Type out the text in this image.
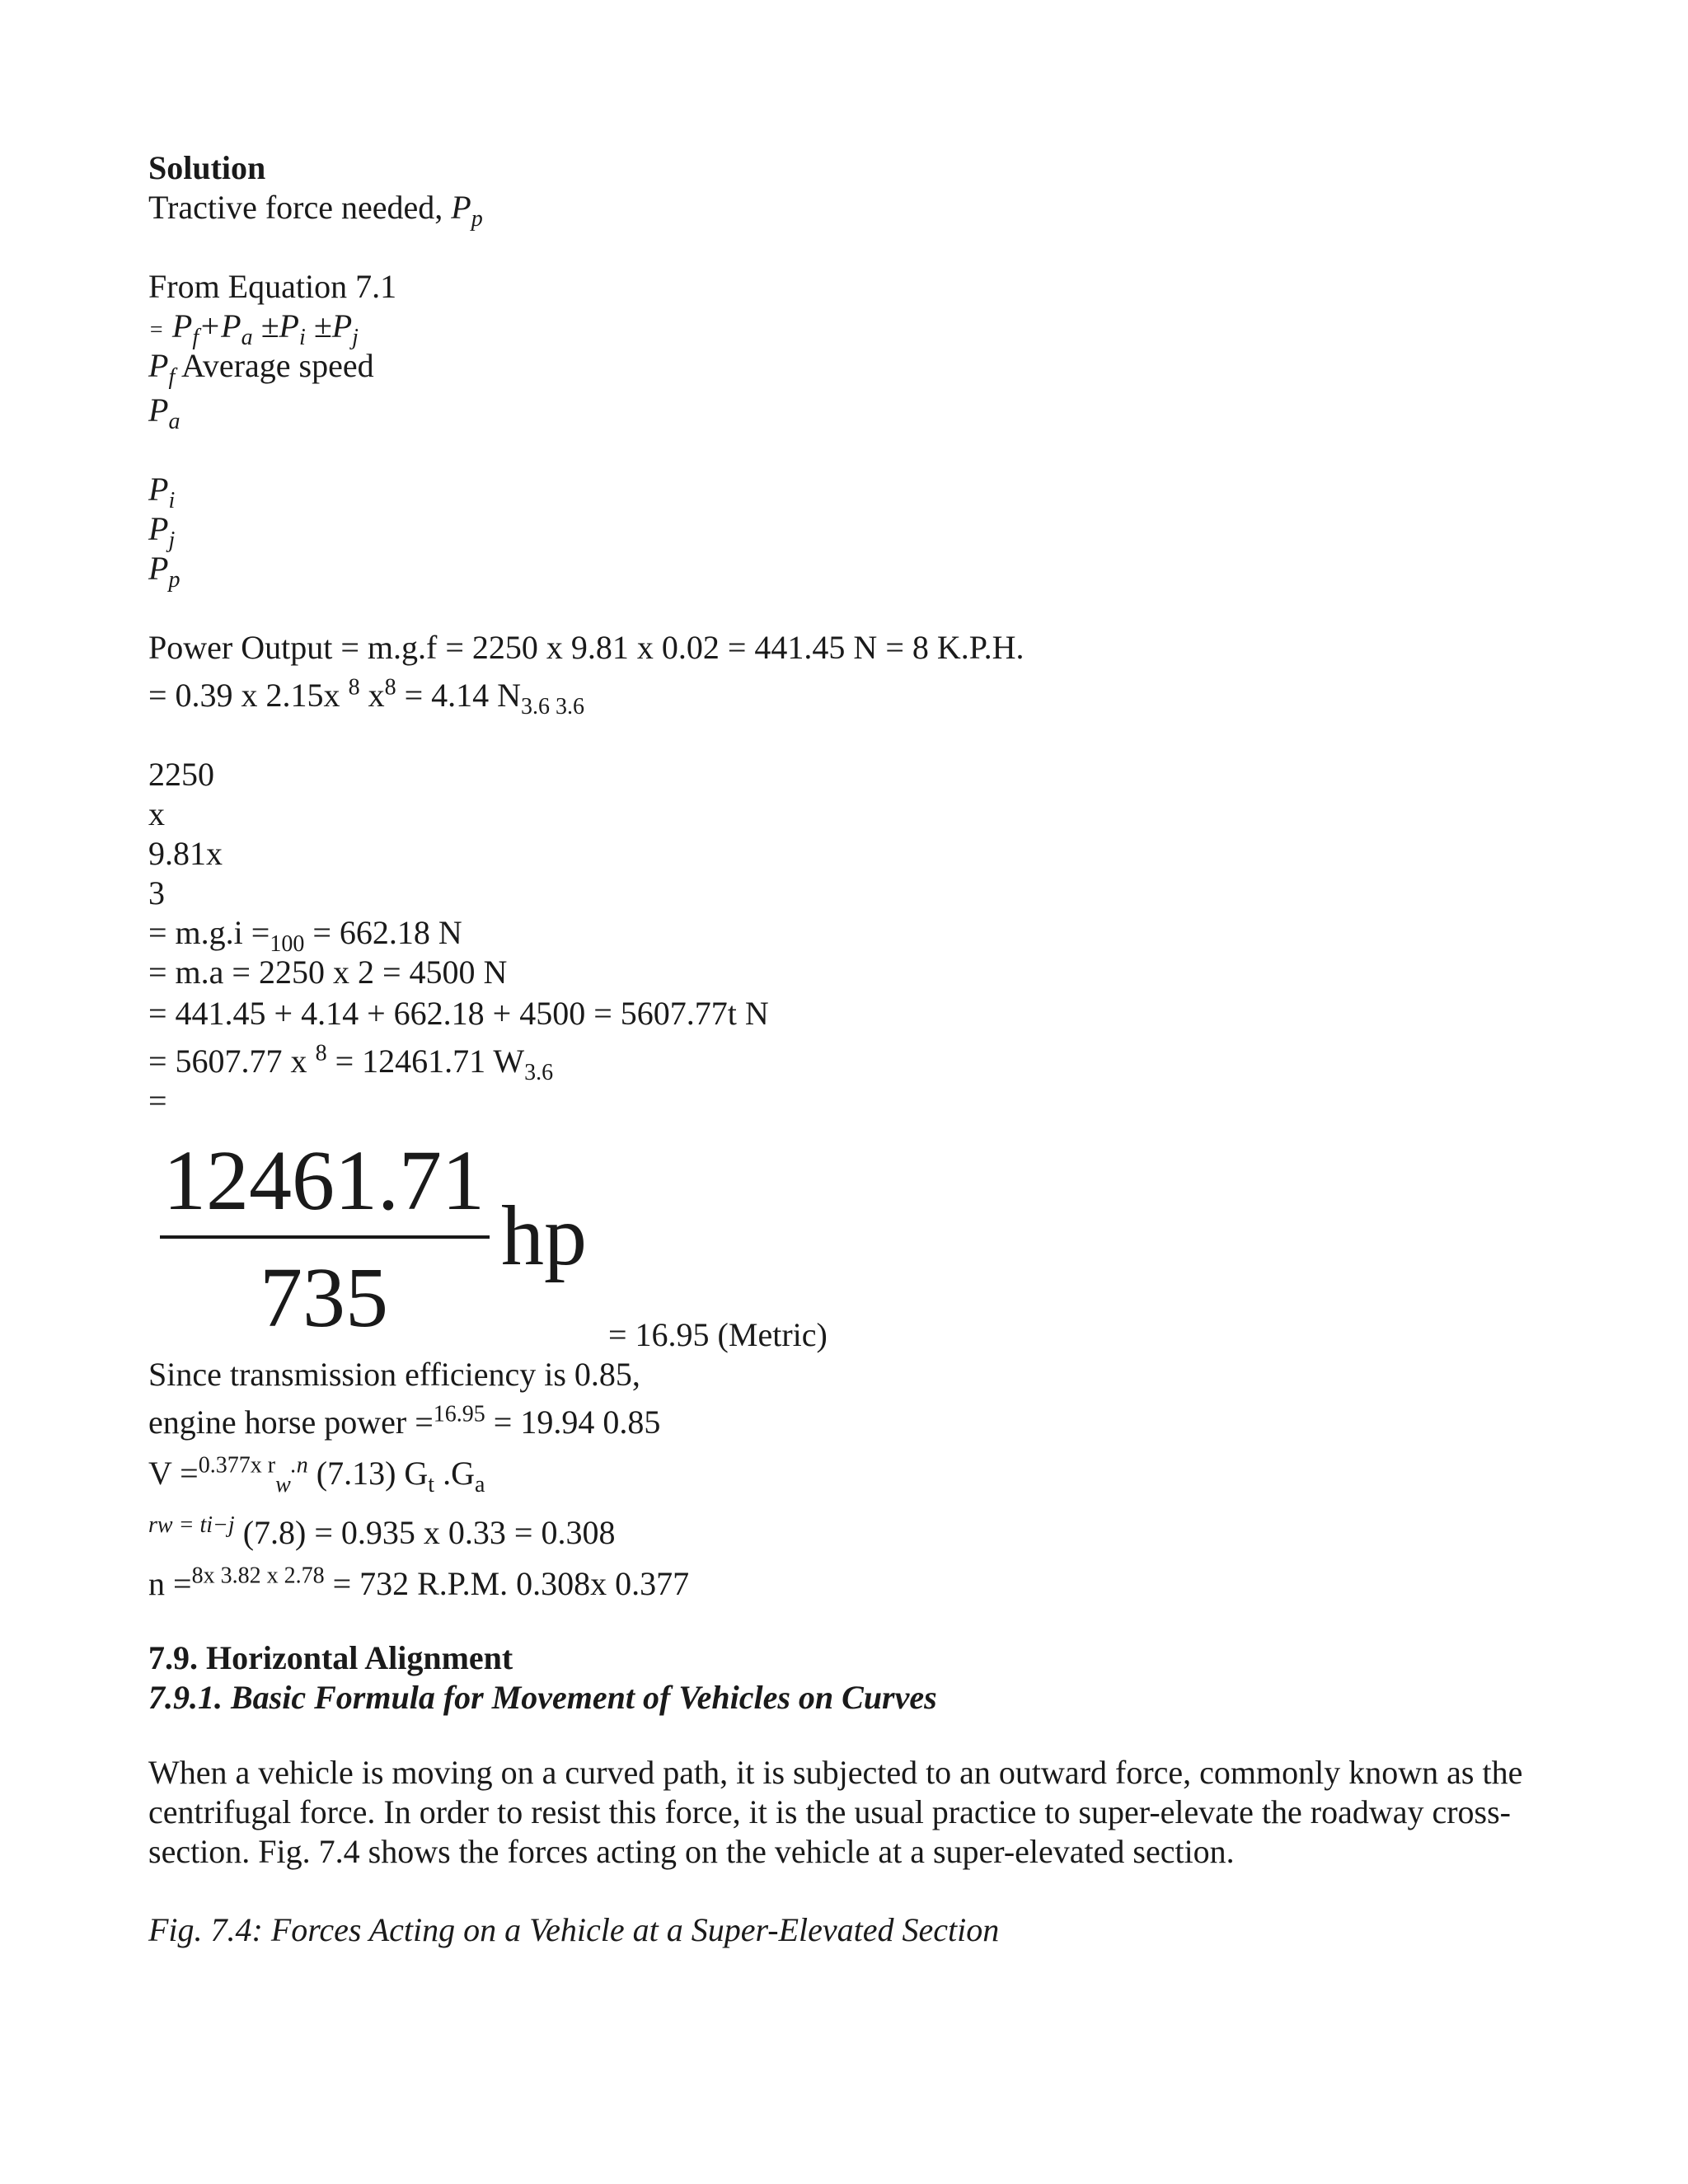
Solution
Tractive force needed, $P_p$
From Equation 7.1
= $P_f+P_a \pm P_i \pm P_j$
$P_f$ Average speed
$P_a$
$P_i$
$P_j$
$P_p$
Power Output = m.g.f = 2250 x 9.81 x 0.02 = 441.45 N = 8 K.P.H.
= 0.39 x 2.15x $^8$ $x^8 = 4.14$ $N_{3.6 3.6}$
2250
x
9.81x
3
= $m.g.i =_{100} = 662.18$ N
= m.a = 2250 x 2 = 4500 N
= 441.45 + 4.14 + 662.18 + 4500 = 5607.77t N
= 5607.77 x $^8$ = 12461.71 $W_{3.6}$
=
12461.71
735
hp
= 16.95 (Metric)
Since transmission efficiency is 0.85,
engine horse power =$^{16.95}$ = 19.94 0.85
V =$^{0.377x r}_w^{.n}$ (7.13) $G_t$ $.G_a$
$^{rw = ti-j}$ (7.8) = 0.935 x 0.33 = 0.308
n =$^{8x 3.82 x 2.78}$ = 732 R.P.M. 0.308x 0.377
7.9. Horizontal Alignment
7.9.1. Basic Formula for Movement of Vehicles on Curves
When a vehicle is moving on a curved path, it is subjected to an outward force, commonly known as the centrifugal force. In order to resist this force, it is the usual practice to super-elevate the roadway cross-section. Fig. 7.4 shows the forces acting on the vehicle at a super-elevated section.
Fig. 7.4: Forces Acting on a Vehicle at a Super-Elevated Section
